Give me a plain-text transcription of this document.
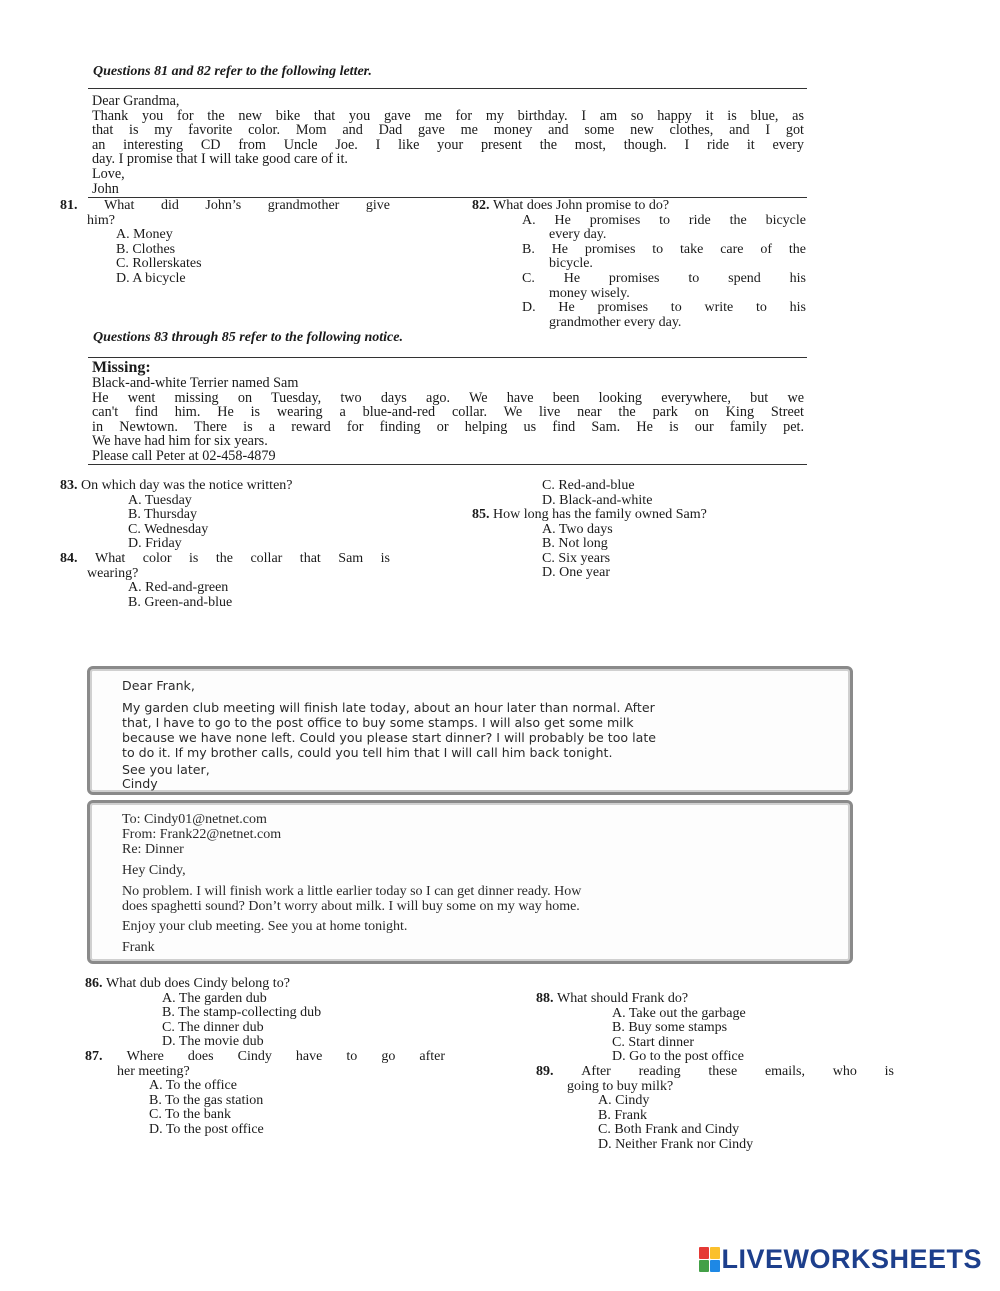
Questions 81 and 82 refer to the following letter.
Dear Grandma,
Thank you for the new bike that you gave me for my birthday. I am so happy it is blue, as
that is my favorite color. Mom and Dad gave me money and some new clothes, and I got
an interesting CD from Uncle Joe. I like your present the most, though. I ride it every
day. I promise that I will take good care of it.
Love,
John
81. What did John’s grandmother give
him?
A. Money
B. Clothes
C. Rollerskates
D. A bicycle
82. What does John promise to do?
A. He promises to ride the bicycle
every day.
B. He promises to take care of the
bicycle.
C. He promises to spend his
money wisely.
D. He promises to write to his
grandmother every day.
Questions 83 through 85 refer to the following notice.
Missing:
Black-and-white Terrier named Sam
He went missing on Tuesday, two days ago. We have been looking everywhere, but we
can't find him. He is wearing a blue-and-red collar. We live near the park on King Street
in Newtown. There is a reward for finding or helping us find Sam. He is our family pet.
We have had him for six years.
Please call Peter at 02-458-4879
83. On which day was the notice written?
A. Tuesday
B. Thursday
C. Wednesday
D. Friday
84. What color is the collar that Sam is
wearing?
A. Red-and-green
B. Green-and-blue
C. Red-and-blue
D. Black-and-white
85. How long has the family owned Sam?
A. Two days
B. Not long
C. Six years
D. One year
Dear Frank,
My garden club meeting will finish late today, about an hour later than normal. After
that, I have to go to the post office to buy some stamps. I will also get some milk
because we have none left. Could you please start dinner? I will probably be too late
to do it. If my brother calls, could you tell him that I will call him back tonight.
See you later,
Cindy
To: Cindy01@netnet.com
From: Frank22@netnet.com
Re: Dinner
Hey Cindy,
No problem. I will finish work a little earlier today so I can get dinner ready. How
does spaghetti sound? Don’t worry about milk. I will buy some on my way home.
Enjoy your club meeting. See you at home tonight.
Frank
86. What dub does Cindy belong to?
A. The garden dub
B. The stamp-collecting dub
C. The dinner dub
D. The movie dub
87. Where does Cindy have to go after
her meeting?
A. To the office
B. To the gas station
C. To the bank
D. To the post office
88. What should Frank do?
A. Take out the garbage
B. Buy some stamps
C. Start dinner
D. Go to the post office
89. After reading these emails, who is
going to buy milk?
A. Cindy
B. Frank
C. Both Frank and Cindy
D. Neither Frank nor Cindy
LIVEWORKSHEETS
